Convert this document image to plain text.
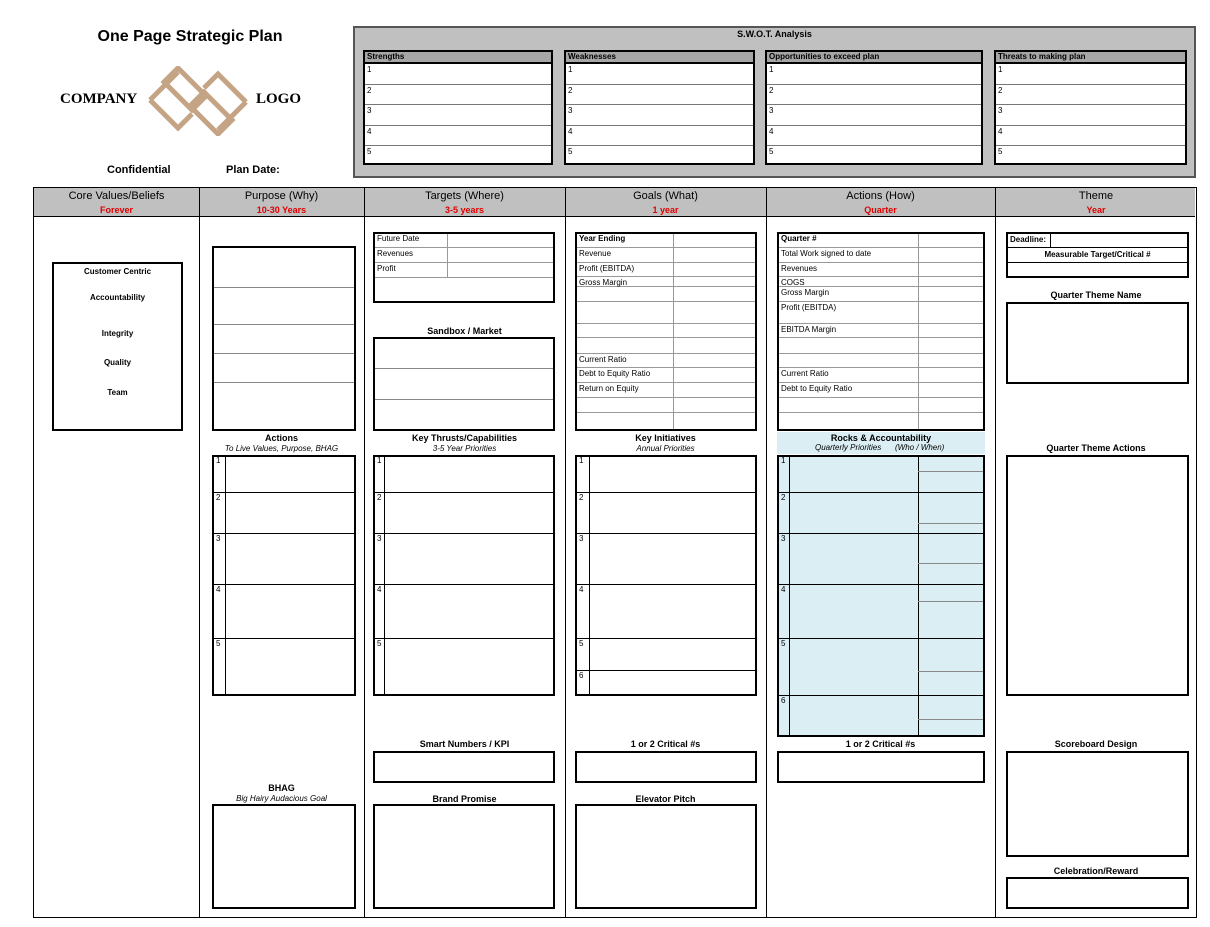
One Page Strategic Plan
COMPANY	LOGO
Confidential	Plan Date:
S.W.O.T. Analysis
Strengths
1
2
3
4
5
Weaknesses
1
2
3
4
5
Opportunities to exceed plan
1
2
3
4
5
Threats to making plan
1
2
3
4
5
Core Values/Beliefs
Forever
Purpose (Why)
10-30 Years
Targets (Where)
3-5 years
Goals (What)
1 year
Actions (How)
Quarter
Theme
Year
Customer Centric
Accountability
Integrity
Quality
Team
Actions
To Live Values, Purpose, BHAG
1
2
3
4
5
BHAG
Big Hairy Audacious Goal
Future Date
Revenues
Profit
Sandbox / Market
Key Thrusts/Capabilities
3-5 Year Priorities
1
2
3
4
5
Smart Numbers / KPI
Brand Promise
Year Ending
Revenue
Profit (EBITDA)
Gross Margin
Current Ratio
Debt to Equity Ratio
Return on Equity
Key Initiatives
Annual Priorities
1
2
3
4
5
6
1 or 2 Critical #s
Elevator Pitch
Quarter #
Total Work signed to date
Revenues
COGS
Gross Margin
Profit (EBITDA)
EBITDA Margin
Current Ratio
Debt to Equity Ratio
Rocks & Accountability
Quarterly Priorities (Who / When)
1
2
3
4
5
6
1 or 2 Critical #s
Deadline:
Measurable Target/Critical #
Quarter Theme Name
Quarter Theme Actions
Scoreboard Design
Celebration/Reward
